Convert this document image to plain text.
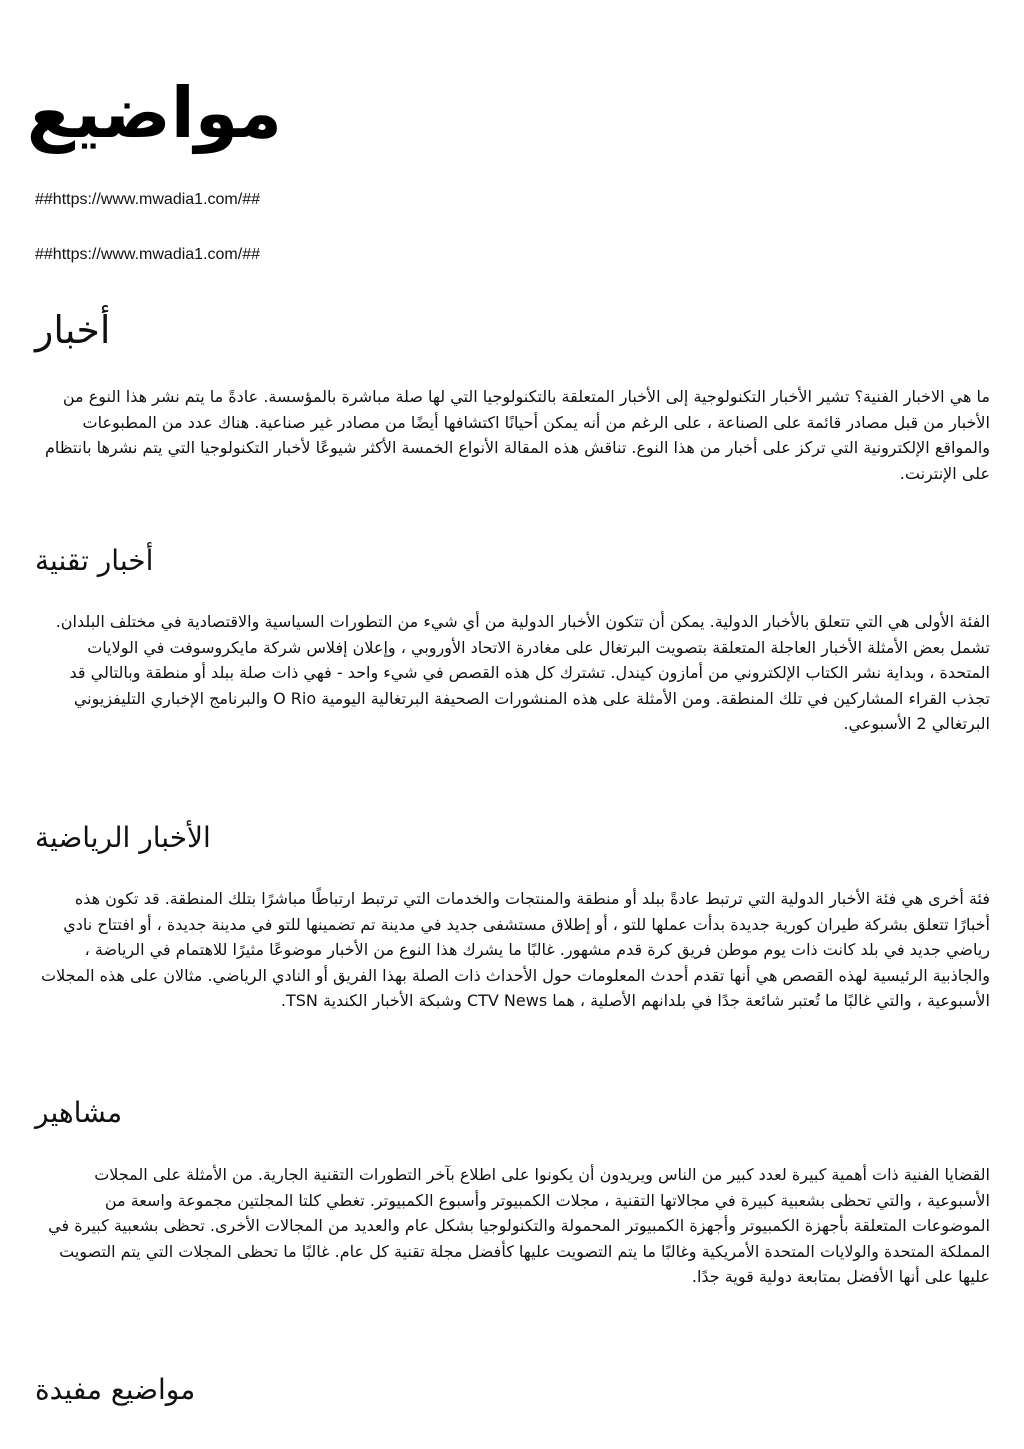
مواضيع
##https://www.mwadia1.com/##
##https://www.mwadia1.com/##
أخبار

ما هي الاخبار الفنية؟ تشير الأخبار التكنولوجية إلى الأخبار المتعلقة بالتكنولوجيا التي لها صلة مباشرة بالمؤسسة. عادةً ما يتم نشر هذا النوع من الأخبار من قبل مصادر قائمة على الصناعة ، على الرغم من أنه يمكن أحيانًا اكتشافها أيضًا من مصادر غير صناعية. هناك عدد من المطبوعات والمواقع الإلكترونية التي تركز على أخبار من هذا النوع. تناقش هذه المقالة الأنواع الخمسة الأكثر شيوعًا لأخبار التكنولوجيا التي يتم نشرها بانتظام على الإنترنت.

أخبار تقنية

الفئة الأولى هي التي تتعلق بالأخبار الدولية. يمكن أن تتكون الأخبار الدولية من أي شيء من التطورات السياسية والاقتصادية في مختلف البلدان. تشمل بعض الأمثلة الأخبار العاجلة المتعلقة بتصويت البرتغال على مغادرة الاتحاد الأوروبي ، وإعلان إفلاس شركة مايكروسوفت في الولايات المتحدة ، وبداية نشر الكتاب الإلكتروني من أمازون كيندل. تشترك كل هذه القصص في شيء واحد - فهي ذات صلة ببلد أو منطقة وبالتالي قد تجذب القراء المشاركين في تلك المنطقة. ومن الأمثلة على هذه المنشورات الصحيفة البرتغالية اليومية O Rio والبرنامج الإخباري التليفزيوني البرتغالي 2 الأسبوعي.

الأخبار الرياضية

فئة أخرى هي فئة الأخبار الدولية التي ترتبط عادةً ببلد أو منطقة والمنتجات والخدمات التي ترتبط ارتباطًا مباشرًا بتلك المنطقة. قد تكون هذه أخبارًا تتعلق بشركة طيران كورية جديدة بدأت عملها للتو ، أو إطلاق مستشفى جديد في مدينة تم تضمينها للتو في مدينة جديدة ، أو افتتاح نادي رياضي جديد في بلد كانت ذات يوم موطن فريق كرة قدم مشهور. غالبًا ما يشرك هذا النوع من الأخبار موضوعًا مثيرًا للاهتمام في الرياضة ، والجاذبية الرئيسية لهذه القصص هي أنها تقدم أحدث المعلومات حول الأحداث ذات الصلة بهذا الفريق أو النادي الرياضي. مثالان على هذه المجلات الأسبوعية ، والتي غالبًا ما تُعتبر شائعة جدًا في بلدانهم الأصلية ، هما CTV News وشبكة الأخبار الكندية TSN.

مشاهير

القضايا الفنية ذات أهمية كبيرة لعدد كبير من الناس ويريدون أن يكونوا على اطلاع بآخر التطورات التقنية الجارية. من الأمثلة على المجلات الأسبوعية ، والتي تحظى بشعبية كبيرة في مجالاتها التقنية ، مجلات الكمبيوتر وأسبوع الكمبيوتر. تغطي كلتا المجلتين مجموعة واسعة من الموضوعات المتعلقة بأجهزة الكمبيوتر وأجهزة الكمبيوتر المحمولة والتكنولوجيا بشكل عام والعديد من المجالات الأخرى. تحظى بشعبية كبيرة في المملكة المتحدة والولايات المتحدة الأمريكية وغالبًا ما يتم التصويت عليها كأفضل مجلة تقنية كل عام. غالبًا ما تحظى المجلات التي يتم التصويت عليها على أنها الأفضل بمتابعة دولية قوية جدًا.

مواضيع مفيدة
